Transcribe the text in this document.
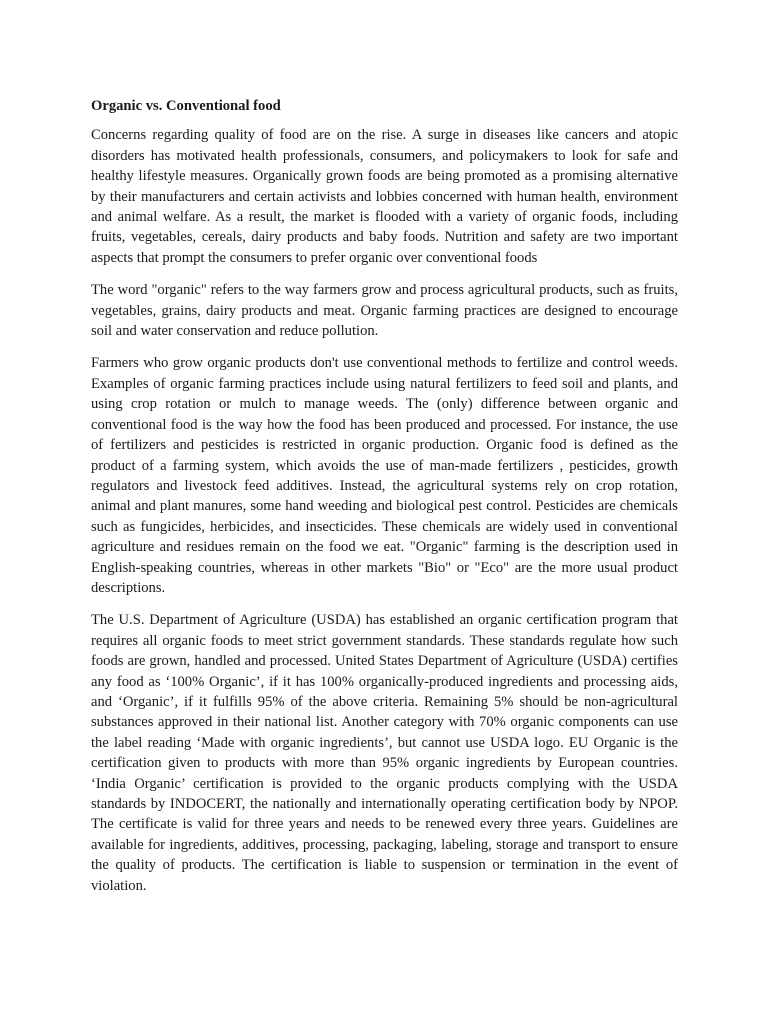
Organic vs. Conventional food

Concerns regarding quality of food are on the rise. A surge in diseases like cancers and atopic disorders has motivated health professionals, consumers, and policymakers to look for safe and healthy lifestyle measures. Organically grown foods are being promoted as a promising alternative by their manufacturers and certain activists and lobbies concerned with human health, environment and animal welfare. As a result, the market is flooded with a variety of organic foods, including fruits, vegetables, cereals, dairy products and baby foods. Nutrition and safety are two important aspects that prompt the consumers to prefer organic over conventional foods

The word "organic" refers to the way farmers grow and process agricultural products, such as fruits, vegetables, grains, dairy products and meat. Organic farming practices are designed to encourage soil and water conservation and reduce pollution.

Farmers who grow organic products don't use conventional methods to fertilize and control weeds. Examples of organic farming practices include using natural fertilizers to feed soil and plants, and using crop rotation or mulch to manage weeds. The (only) difference between organic and conventional food is the way how the food has been produced and processed. For instance, the use of fertilizers and pesticides is restricted in organic production. Organic food is defined as the product of a farming system, which avoids the use of man-made fertilizers , pesticides, growth regulators and livestock feed additives. Instead, the agricultural systems rely on crop rotation, animal and plant manures, some hand weeding and biological pest control. Pesticides are chemicals such as fungicides, herbicides, and insecticides. These chemicals are widely used in conventional agriculture and residues remain on the food we eat. "Organic" farming is the description used in English-speaking countries, whereas in other markets "Bio" or "Eco" are the more usual product descriptions.

The U.S. Department of Agriculture (USDA) has established an organic certification program that requires all organic foods to meet strict government standards. These standards regulate how such foods are grown, handled and processed. United States Department of Agriculture (USDA) certifies any food as ‘100% Organic’, if it has 100% organically-produced ingredients and processing aids, and ‘Organic’, if it fulfills 95% of the above criteria. Remaining 5% should be non-agricultural substances approved in their national list. Another category with 70% organic components can use the label reading ‘Made with organic ingredients’, but cannot use USDA logo. EU Organic is the certification given to products with more than 95% organic ingredients by European countries. ‘India Organic’ certification is provided to the organic products complying with the USDA standards by INDOCERT, the nationally and internationally operating certification body by NPOP. The certificate is valid for three years and needs to be renewed every three years. Guidelines are available for ingredients, additives, processing, packaging, labeling, storage and transport to ensure the quality of products. The certification is liable to suspension or termination in the event of violation.
